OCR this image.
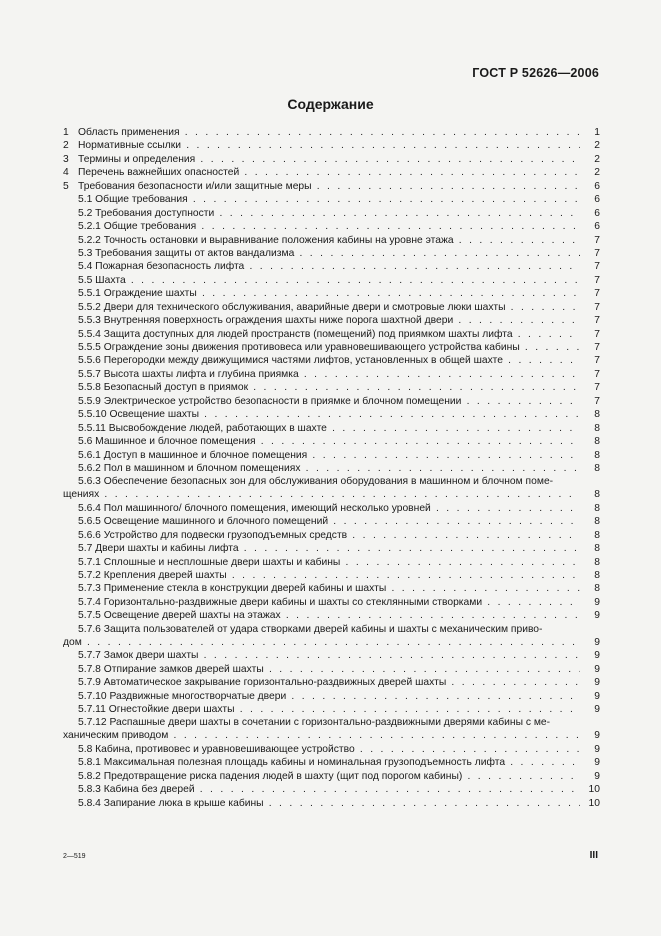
ГОСТ Р 52626—2006
Содержание
1 Область применения . . .	1
2 Нормативные ссылки . . .	2
3 Термины и определения . . .	2
4 Перечень важнейших опасностей . . .	2
5 Требования безопасности и/или защитные меры . . .	6
5.1 Общие требования . . .	6
5.2 Требования доступности . . .	6
5.2.1 Общие требования . . .	6
5.2.2 Точность остановки и выравнивание положения кабины на уровне этажа . . .	7
5.3 Требования защиты от актов вандализма . . .	7
5.4 Пожарная безопасность лифта . . .	7
5.5 Шахта . . .	7
5.5.1 Ограждение шахты . . .	7
5.5.2 Двери для технического обслуживания, аварийные двери и смотровые люки шахты . . .	7
5.5.3 Внутренняя поверхность ограждения шахты ниже порога шахтной двери . . .	7
5.5.4 Защита доступных для людей пространств (помещений) под приямком шахты лифта . . .	7
5.5.5 Ограждение зоны движения противовеса или уравновешивающего устройства кабины . . .	7
5.5.6 Перегородки между движущимися частями лифтов, установленных в общей шахте . . .	7
5.5.7 Высота шахты лифта и глубина приямка . . .	7
5.5.8 Безопасный доступ в приямок . . .	7
5.5.9 Электрическое устройство безопасности в приямке и блочном помещении . . .	7
5.5.10 Освещение шахты . . .	8
5.5.11 Высвобождение людей, работающих в шахте . . .	8
5.6 Машинное и блочное помещения . . .	8
5.6.1 Доступ в машинное и блочное помещения . . .	8
5.6.2 Пол в машинном и блочном помещениях . . .	8
5.6.3 Обеспечение безопасных зон для обслуживания оборудования в машинном и блочном поме-
щениях . . .	8
5.6.4 Пол машинного/ блочного помещения, имеющий несколько уровней . . .	8
5.6.5 Освещение машинного и блочного помещений . . .	8
5.6.6 Устройство для подвески грузоподъемных средств . . .	8
5.7 Двери шахты и кабины лифта . . .	8
5.7.1 Сплошные и несплошные двери шахты и кабины . . .	8
5.7.2 Крепления дверей шахты . . .	8
5.7.3 Применение стекла в конструкции дверей кабины и шахты . . .	8
5.7.4 Горизонтально-раздвижные двери кабины и шахты со стеклянными створками . . .	9
5.7.5 Освещение дверей шахты на этажах . . .	9
5.7.6 Защита пользователей от удара створками дверей кабины и шахты с механическим приво-
дом . . .	9
5.7.7 Замок двери шахты . . .	9
5.7.8 Отпирание замков дверей шахты . . .	9
5.7.9 Автоматическое закрывание горизонтально-раздвижных дверей шахты . . .	9
5.7.10 Раздвижные многостворчатые двери . . .	9
5.7.11 Огнестойкие двери шахты . . .	9
5.7.12 Распашные двери шахты в сочетании с горизонтально-раздвижными дверями кабины с ме-
ханическим приводом . . .	9
5.8 Кабина, противовес и уравновешивающее устройство . . .	9
5.8.1 Максимальная полезная площадь кабины и номинальная грузоподъемность лифта . . .	9
5.8.2 Предотвращение риска падения людей в шахту (щит под порогом кабины) . . .	9
5.8.3 Кабина без дверей . . .	10
5.8.4 Запирание люка в крыше кабины . . .	10
2—519	III
